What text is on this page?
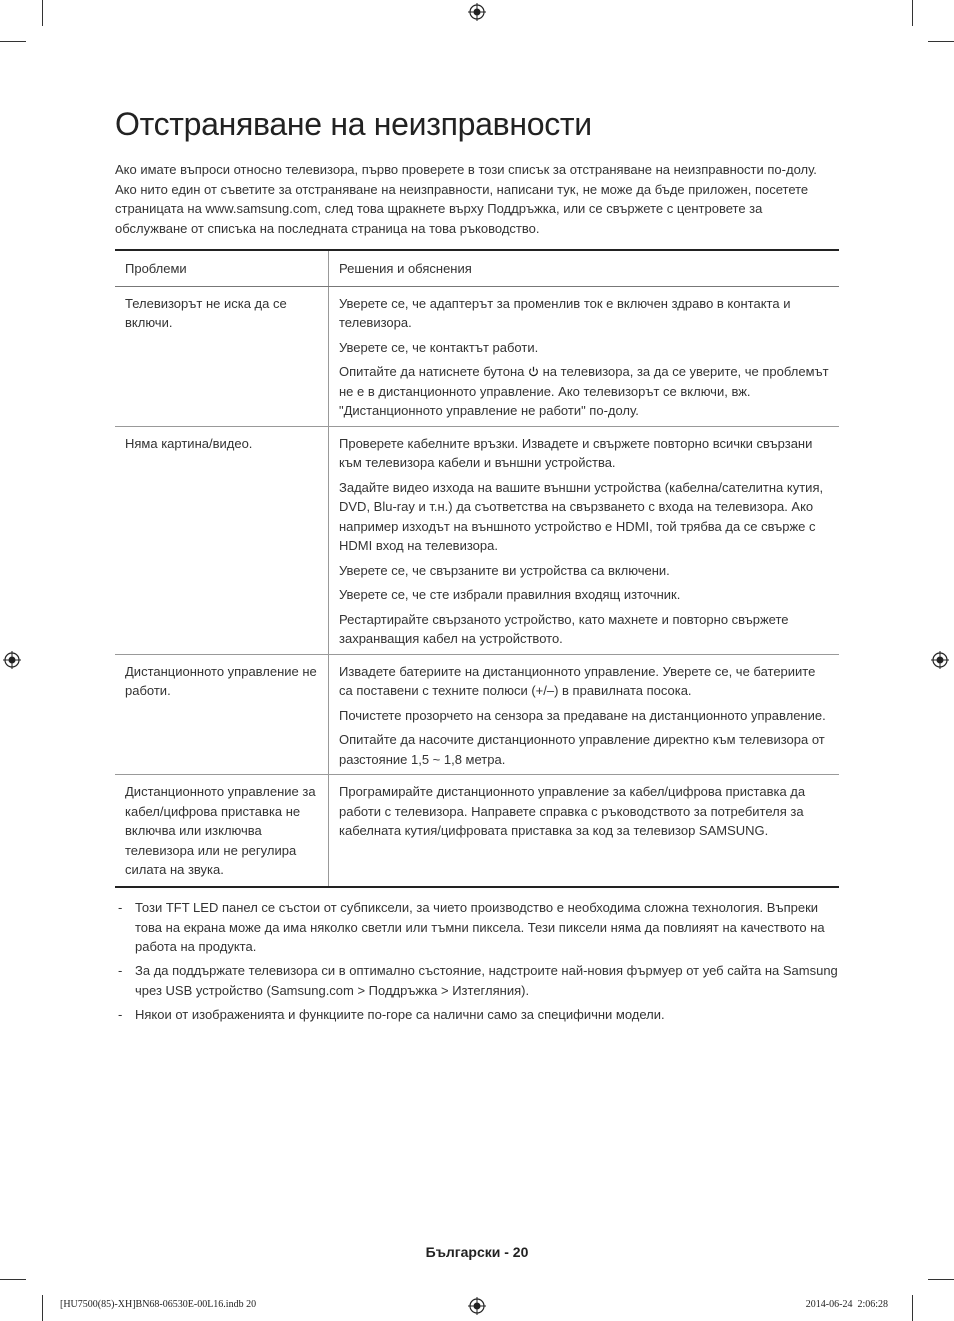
Отстраняване на неизправности

Ако имате въпроси относно телевизора, първо проверете в този списък за отстраняване на неизправности по-долу. Ако нито един от съветите за отстраняване на неизправности, написани тук, не може да бъде приложен, посетете страницата на www.samsung.com, след това щракнете върху Поддръжка, или се свържете с центровете за обслужване от списъка на последната страница на това ръководство.

Проблеми	Решения и обяснения
Телевизорът не иска да се включи.	Уверете се, че адаптерът за променлив ток е включен здраво в контакта и телевизора.

Уверете се, че контактът работи.

Опитайте да натиснете бутона на телевизора, за да се уверите, че проблемът не е в дистанционното управление. Ако телевизорът се включи, вж. "Дистанционното управление не работи" по-долу.

Няма картина/видео.	Проверете кабелните връзки. Извадете и свържете повторно всички свързани към телевизора кабели и външни устройства.

Задайте видео изхода на вашите външни устройства (кабелна/сателитна кутия, DVD, Blu-ray и т.н.) да съответства на свързването с входа на телевизора. Ако например изходът на външното устройство е HDMI, той трябва да се свърже с HDMI вход на телевизора.

Уверете се, че свързаните ви устройства са включени.

Уверете се, че сте избрали правилния входящ източник.

Рестартирайте свързаното устройство, като махнете и повторно свържете захранващия кабел на устройството.

Дистанционното управление не работи.	Извадете батериите на дистанционното управление. Уверете се, че батериите са поставени с техните полюси (+/–) в правилната посока.

Почистете прозорчето на сензора за предаване на дистанционното управление.

Опитайте да насочите дистанционното управление директно към телевизора от разстояние 1,5 ~ 1,8 метра.

Дистанционното управление за кабел/цифрова приставка не включва или изключва телевизора или не регулира силата на звука.	Програмирайте дистанционното управление за кабел/цифрова приставка да работи с телевизора. Направете справка с ръководството за потребителя за кабелната кутия/цифровата приставка за код за телевизор SAMSUNG.

- Този TFT LED панел се състои от субпиксели, за чието производство е необходима сложна технология. Въпреки това на екрана може да има няколко светли или тъмни пиксела. Тези пиксели няма да повлияят на качеството на работа на продукта.
- За да поддържате телевизора си в оптимално състояние, надстроите най-новия фърмуер от уеб сайта на Samsung чрез USB устройство (Samsung.com > Поддръжка > Изтегляния).
- Някои от изображенията и функциите по-горе са налични само за специфични модели.
Български - 20
[HU7500(85)-XH]BN68-06530E-00L16.indb 20	2014-06-24 ​ 2:06:28
